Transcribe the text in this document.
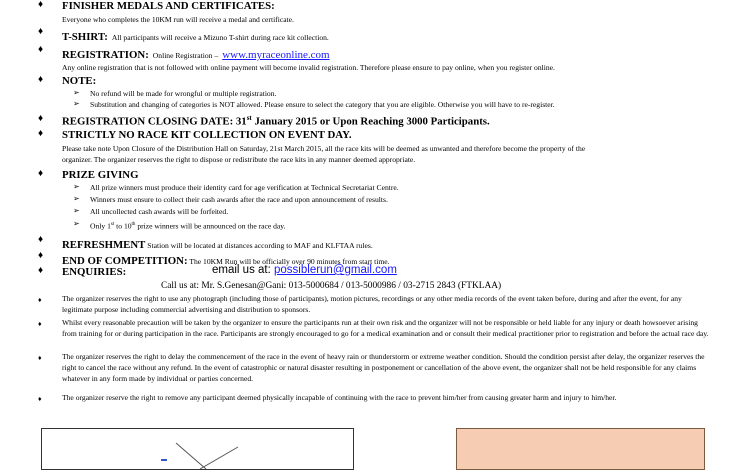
♦ FINISHER MEDALS AND CERTIFICATES:
Everyone who completes the 10KM run will receive a medal and certificate.
♦ T-SHIRT: All participants will receive a Mizuno T-shirt during race kit collection.
♦ REGISTRATION: Online Registration – www.myraceonline.com
Any online registration that is not followed with online payment will become invalid registration. Therefore please ensure to pay online, when you register online.
♦ NOTE:
➢ No refund will be made for wrongful or multiple registration.
➢ Substitution and changing of categories is NOT allowed. Please ensure to select the category that you are eligible. Otherwise you will have to re-register.
♦ REGISTRATION CLOSING DATE: 31st January 2015 or Upon Reaching 3000 Participants.
♦ STRICTLY NO RACE KIT COLLECTION ON EVENT DAY.
Please take note Upon Closure of the Distribution Hall on Saturday, 21st March 2015, all the race kits will be deemed as unwanted and therefore become the property of the
organizer. The organizer reserves the right to dispose or redistribute the race kits in any manner deemed appropriate.
♦ PRIZE GIVING
➢ All prize winners must produce their identity card for age verification at Technical Secretariat Centre.
➢ Winners must ensure to collect their cash awards after the race and upon announcement of results.
➢ All uncollected cash awards will be forfeited.
➢ Only 1st to 10th prize winners will be announced on the race day.
♦ REFRESHMENT Station will be located at distances according to MAF and KLFTAA rules.
♦ END OF COMPETITION: The 10KM Run will be officially over 90 minutes from start time.
♦ ENQUIRIES:	email us at: possiblerun@gmail.com
Call us at: Mr. S.Genesan@Gani: 013-5000684 / 013-5000986 / 03-2715 2843 (FTKLAA)
♦	The organizer reserves the right to use any photograph (including those of participants), motion pictures, recordings or any other media records of the event taken before, during and after the event, for any legitimate purpose including commercial advertising and distribution to sponsors.
♦	Whilst every reasonable precaution will be taken by the organizer to ensure the participants run at their own risk and the organizer will not be responsible or held liable for any injury or death howsoever arising from training for or during participation in the race. Participants are strongly encouraged to go for a medical examination and or consult their medical practitioner prior to registration and before the actual race day.
♦	The organizer reserves the right to delay the commencement of the race in the event of heavy rain or thunderstorm or extreme weather condition. Should the condition persist after delay, the organizer reserves the right to cancel the race without any refund. In the event of catastrophic or natural disaster resulting in postponement or cancellation of the above event, the organizer shall not be held responsible for any claims whatever in any form made by individual or parties concerned.
♦	The organizer reserve the right to remove any participant deemed physically incapable of continuing with the race to prevent him/her from causing greater harm and injury to him/her.
